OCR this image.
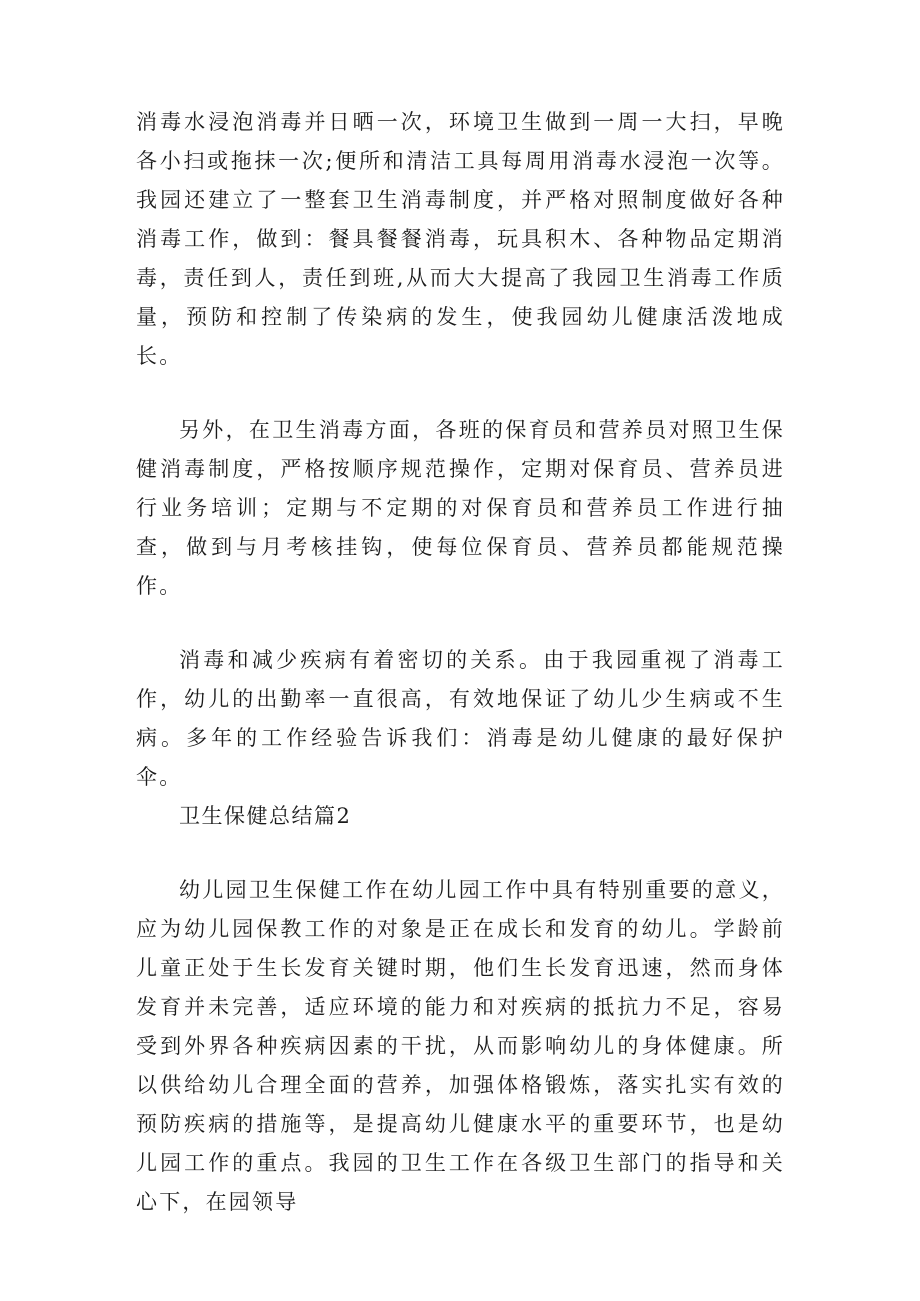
消毒水浸泡消毒并日晒一次，环境卫生做到一周一大扫，早晚各小扫或拖抹一次;便所和清洁工具每周用消毒水浸泡一次等。我园还建立了一整套卫生消毒制度，并严格对照制度做好各种消毒工作，做到：餐具餐餐消毒，玩具积木、各种物品定期消毒，责任到人，责任到班,从而大大提高了我园卫生消毒工作质量，预防和控制了传染病的发生，使我园幼儿健康活泼地成长。

另外，在卫生消毒方面，各班的保育员和营养员对照卫生保健消毒制度，严格按顺序规范操作，定期对保育员、营养员进行业务培训；定期与不定期的对保育员和营养员工作进行抽查，做到与月考核挂钩，使每位保育员、营养员都能规范操作。

消毒和减少疾病有着密切的关系。由于我园重视了消毒工作，幼儿的出勤率一直很高，有效地保证了幼儿少生病或不生病。多年的工作经验告诉我们：消毒是幼儿健康的最好保护伞。

卫生保健总结篇2

幼儿园卫生保健工作在幼儿园工作中具有特别重要的意义，应为幼儿园保教工作的对象是正在成长和发育的幼儿。学龄前儿童正处于生长发育关键时期，他们生长发育迅速，然而身体发育并未完善，适应环境的能力和对疾病的抵抗力不足，容易受到外界各种疾病因素的干扰，从而影响幼儿的身体健康。所以供给幼儿合理全面的营养，加强体格锻炼，落实扎实有效的预防疾病的措施等，是提高幼儿健康水平的重要环节，也是幼儿园工作的重点。我园的卫生工作在各级卫生部门的指导和关心下，在园领导
